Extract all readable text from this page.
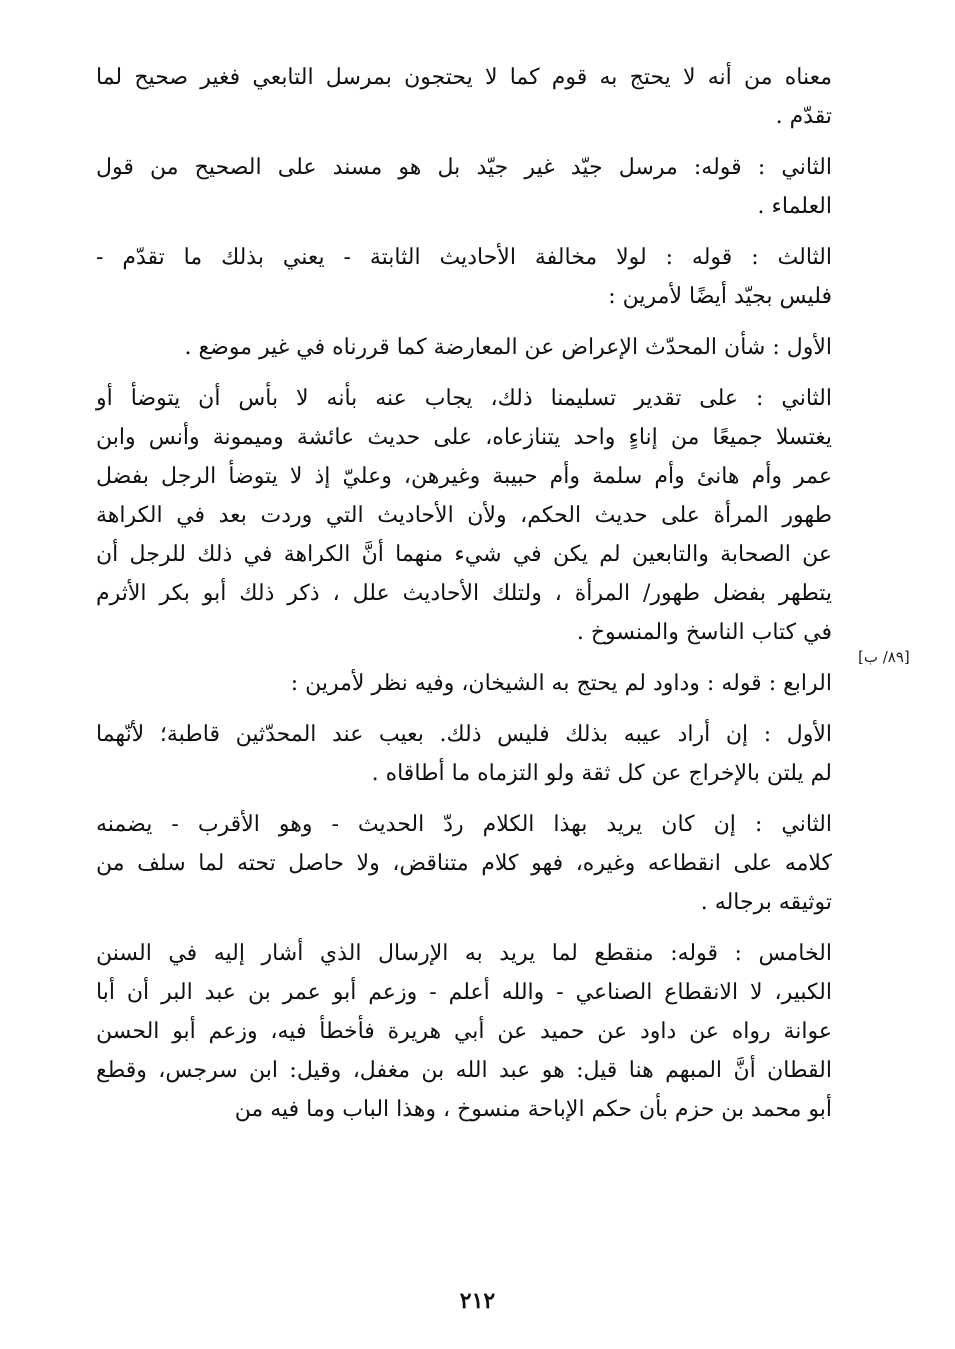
معناه من أنه لا يحتج به قوم كما لا يحتجون بمرسل التابعي فغير صحيح لما
تقدّم .
الثاني : قوله: مرسل جيّد غير جيّد بل هو مسند على الصحيح من قول
العلماء .
الثالث : قوله : لولا مخالفة الأحاديث الثابتة - يعني بذلك ما تقدّم -
فليس بجيّد أيضًا لأمرين :
الأول : شأن المحدّث الإعراض عن المعارضة كما قررناه في غير موضع .
الثاني : على تقدير تسليمنا ذلك، يجاب عنه بأنه لا بأس أن يتوضأ أو
يغتسلا جميعًا من إناءٍ واحد يتنازعاه، على حديث عائشة وميمونة وأنس وابن
عمر وأم هانئ وأم سلمة وأم حبيبة وغيرهن، وعليّ إذ لا يتوضأ الرجل بفضل
طهور المرأة على حديث الحكم، ولأن الأحاديث التي وردت بعد في الكراهة
عن الصحابة والتابعين لم يكن في شيء منهما أنَّ الكراهة في ذلك للرجل أن
يتطهر بفضل طهور/ المرأة ، ولتلك الأحاديث علل ، ذكر ذلك أبو بكر الأثرم
في كتاب الناسخ والمنسوخ .
الرابع : قوله : وداود لم يحتج به الشيخان، وفيه نظر لأمرين :
الأول : إن أراد عيبه بذلك فليس ذلك. بعيب عند المحدّثين قاطبة؛ لأنّهما
لم يلتن بالإخراج عن كل ثقة ولو التزماه ما أطاقاه .
الثاني : إن كان يريد بهذا الكلام ردّ الحديث - وهو الأقرب - يضمنه
كلامه على انقطاعه وغيره، فهو كلام متناقض، ولا حاصل تحته لما سلف من
توثيقه برجاله .
الخامس : قوله: منقطع لما يريد به الإرسال الذي أشار إليه في السنن
الكبير، لا الانقطاع الصناعي - والله أعلم - وزعم أبو عمر بن عبد البر أن أبا
عوانة رواه عن داود عن حميد عن أبي هريرة فأخطأ فيه، وزعم أبو الحسن
القطان أنَّ المبهم هنا قيل: هو عبد الله بن مغفل، وقيل: ابن سرجس، وقطع
أبو محمد بن حزم بأن حكم الإباحة منسوخ ، وهذا الباب وما فيه من
[٨٩/ ب]
٢١٢
